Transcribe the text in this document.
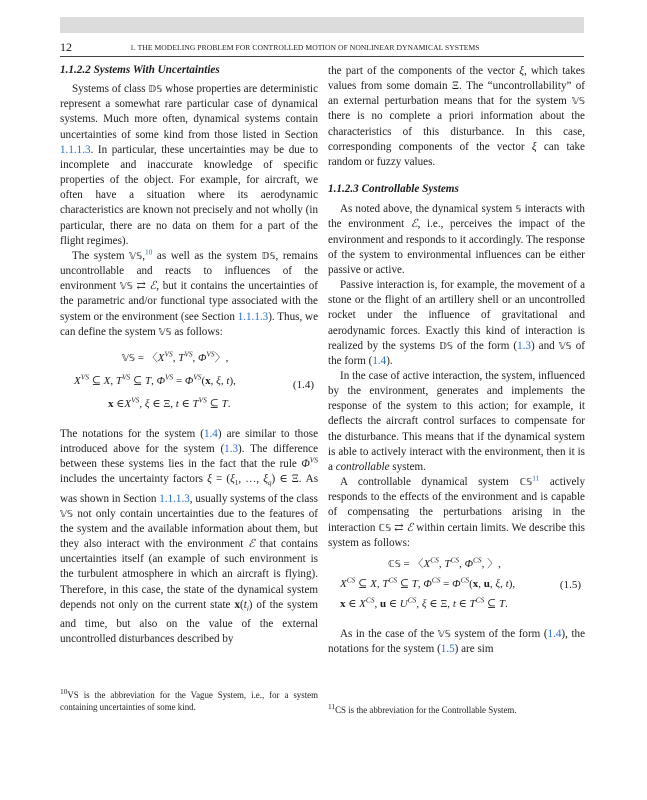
12	1. THE MODELING PROBLEM FOR CONTROLLED MOTION OF NONLINEAR DYNAMICAL SYSTEMS
1.1.2.2 Systems With Uncertainties

Systems of class 𝔻𝕊 whose properties are deterministic represent a somewhat rare particular case of dynamical systems. Much more often, dynamical systems contain uncertainties of some kind from those listed in Section 1.1.1.3. In particular, these uncertainties may be due to incomplete and inaccurate knowledge of specific properties of the object. For example, for aircraft, we often have a situation where its aerodynamic characteristics are known not precisely and not wholly (in particular, there are no data on them for a part of the flight regimes).

The system 𝕍𝕊,$^{10}$ as well as the system 𝔻𝕊, remains uncontrollable and reacts to influences of the environment 𝕍𝕊 ⇄ ℰ, but it contains the uncertainties of the parametric and/or functional type associated with the system or the environment (see Section 1.1.1.3). Thus, we can define the system 𝕍𝕊 as follows:

𝕍𝕊 = 〈$X^{VS}$, $T^{VS}$, $\Phi^{VS}$〉,
$X^{VS}$ ⊆ X, $T^{VS}$ ⊆ T, $\Phi^{VS} = \Phi^{VS}(x$, ξ, t),
x $\in X^{VS}$, ξ ∈ Ξ, t ∈ $T^{VS}$ ⊆ T.
(1.4)

The notations for the system (1.4) are similar to those introduced above for the system (1.3). The difference between these systems lies in the fact that the rule $\Phi^{VS}$ includes the uncertainty factors $\xi = (\xi_1$, …, $\xi_q$) ∈ Ξ. As was shown in Section 1.1.1.3, usually systems of the class 𝕍𝕊 not only contain uncertainties due to the features of the system and the available information about them, but they also interact with the environment ℰ that contains uncertainties itself (an example of such environment is the turbulent atmosphere in which an aircraft is flying). Therefore, in this case, the state of the dynamical system depends not only on the current state $x(t_i)$ of the system and time, but also on the value of the external uncontrolled disturbances described by

the part of the components of the vector ξ, which takes values from some domain Ξ. The “uncontrollability” of an external perturbation means that for the system 𝕍𝕊 there is no complete a priori information about the characteristics of this disturbance. In this case, corresponding components of the vector ξ can take random or fuzzy values.

1.1.2.3 Controllable Systems

As noted above, the dynamical system 𝕊 interacts with the environment ℰ, i.e., perceives the impact of the environment and responds to it accordingly. The response of the system to environmental influences can be either passive or active.

Passive interaction is, for example, the movement of a stone or the flight of an artillery shell or an uncontrolled rocket under the influence of gravitational and aerodynamic forces. Exactly this kind of interaction is realized by the systems 𝔻𝕊 of the form (1.3) and 𝕍𝕊 of the form (1.4).

In the case of active interaction, the system, influenced by the environment, generates and implements the response of the system to this action; for example, it deflects the aircraft control surfaces to compensate for the disturbance. This means that if the dynamical system is able to actively interact with the environment, then it is a controllable system.

A controllable dynamical system ℂ𝕊$^{11}$ actively responds to the effects of the environment and is capable of compensating the perturbations arising in the interaction ℂ𝕊 ⇄ ℰ within certain limits. We describe this system as follows:

ℂ𝕊 = 〈$X^{CS}$, $T^{CS}$, $\Phi^{CS}$, 〉,
$X^{CS}$ ⊆ X, $T^{CS}$ ⊆ T, $\Phi^{CS} = \Phi^{CS}(x$, u, ξ, t),
x ∈ $X^{CS}$, u ∈ $U^{CS}$, ξ ∈ Ξ, t ∈ $T^{CS}$ ⊆ T.
(1.5)

As in the case of the 𝕍𝕊 system of the form (1.4), the notations for the system (1.5) are sim

$^{10}$VS is the abbreviation for the Vague System, i.e., for a system containing uncertainties of some kind.	$^{11}$CS is the abbreviation for the Controllable System.
